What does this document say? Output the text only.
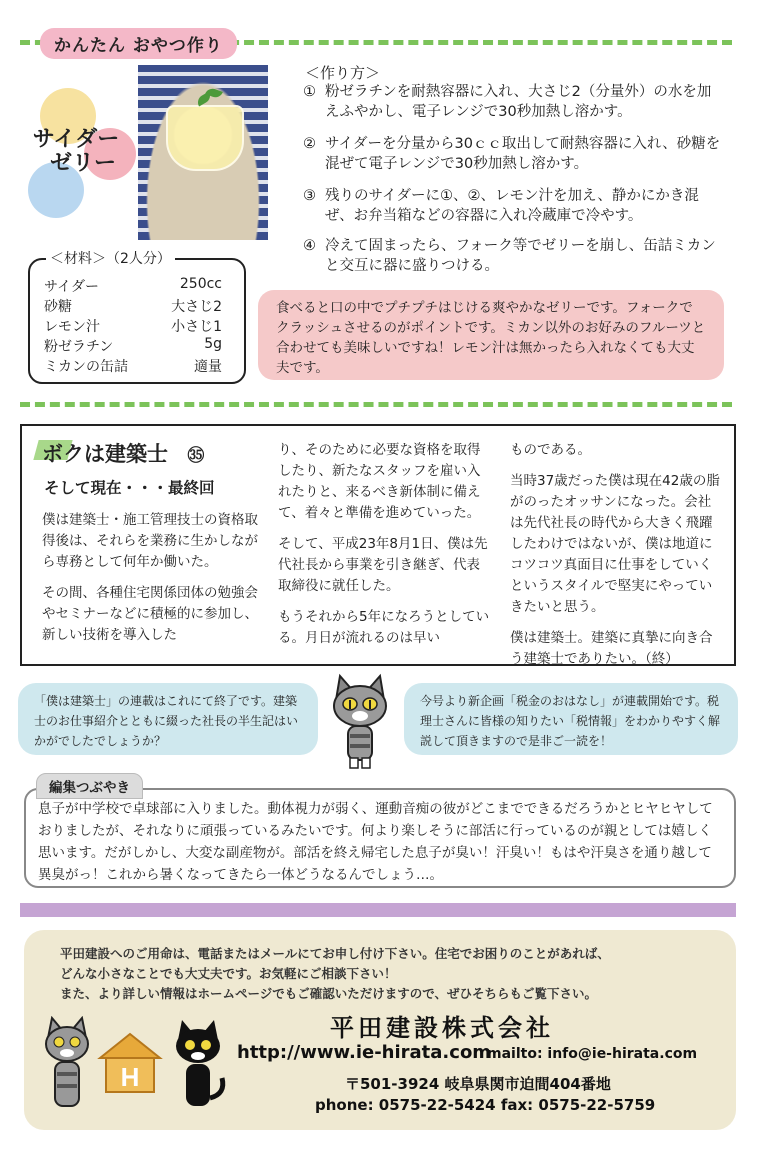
かんたん おやつ作り
サイダー
ゼリー
＜作り方＞
① 粉ゼラチンを耐熱容器に入れ、大さじ2（分量外）の水を加えふやかし、電子レンジで30秒加熱し溶かす。
② サイダーを分量から30ｃｃ取出して耐熱容器に入れ、砂糖を混ぜて電子レンジで30秒加熱し溶かす。
③ 残りのサイダーに①、②、レモン汁を加え、静かにかき混ぜ、お弁当箱などの容器に入れ冷蔵庫で冷やす。
④ 冷えて固まったら、フォーク等でゼリーを崩し、缶詰ミカンと交互に器に盛りつける。
＜材料＞（2人分）
サイダー	250cc
砂糖	大さじ2
レモン汁	小さじ1
粉ゼラチン	5g
ミカンの缶詰	適量
食べると口の中でプチプチはじける爽やかなゼリーです。フォークでクラッシュさせるのがポイントです。ミカン以外のお好みのフルーツと合わせても美味しいですね！レモン汁は無かったら入れなくても大丈夫です。
ボクは建築士 ㉟
そして現在・・・最終回

僕は建築士・施工管理技士の資格取得後は、それらを業務に生かしながら専務として何年か働いた。

その間、各種住宅関係団体の勉強会やセミナーなどに積極的に参加し、新しい技術を導入した

り、そのために必要な資格を取得したり、新たなスタッフを雇い入れたりと、来るべき新体制に備えて、着々と準備を進めていった。

そして、平成23年8月1日、僕は先代社長から事業を引き継ぎ、代表取締役に就任した。

もうそれから5年になろうとしている。月日が流れるのは早い

ものである。

当時37歳だった僕は現在42歳の脂がのったオッサンになった。会社は先代社長の時代から大きく飛躍したわけではないが、僕は地道にコツコツ真面目に仕事をしていくというスタイルで堅実にやっていきたいと思う。

僕は建築士。建築に真摯に向き合う建築士でありたい。（終）

「僕は建築士」の連載はこれにて終了です。建築士のお仕事紹介とともに綴った社長の半生記はいかがでしたでしょうか？
今号より新企画「税金のおはなし」が連載開始です。税理士さんに皆様の知りたい「税情報」をわかりやすく解説して頂きますので是非ご一読を！
息子が中学校で卓球部に入りました。動体視力が弱く、運動音痴の彼がどこまでできるだろうかとヒヤヒヤしておりましたが、それなりに頑張っているみたいです。何より楽しそうに部活に行っているのが親としては嬉しく思います。だがしかし、大変な副産物が。部活を終え帰宅した息子が臭い！汗臭い！もはや汗臭さを通り越して異臭がっ！これから暑くなってきたら一体どうなるんでしょう…。
編集つぶやき
平田建設へのご用命は、電話またはメールにてお申し付け下さい。住宅でお困りのことがあれば、
どんな小さなことでも大丈夫です。お気軽にご相談下さい！
また、より詳しい情報はホームページでもご確認いただけますので、ぜひそちらもご覧下さい。
H
平田建設株式会社
http://www.ie-hirata.com
mailto: info@ie-hirata.com
〒501-3924 岐阜県関市迫間404番地
phone: 0575-22-5424 fax: 0575-22-5759
